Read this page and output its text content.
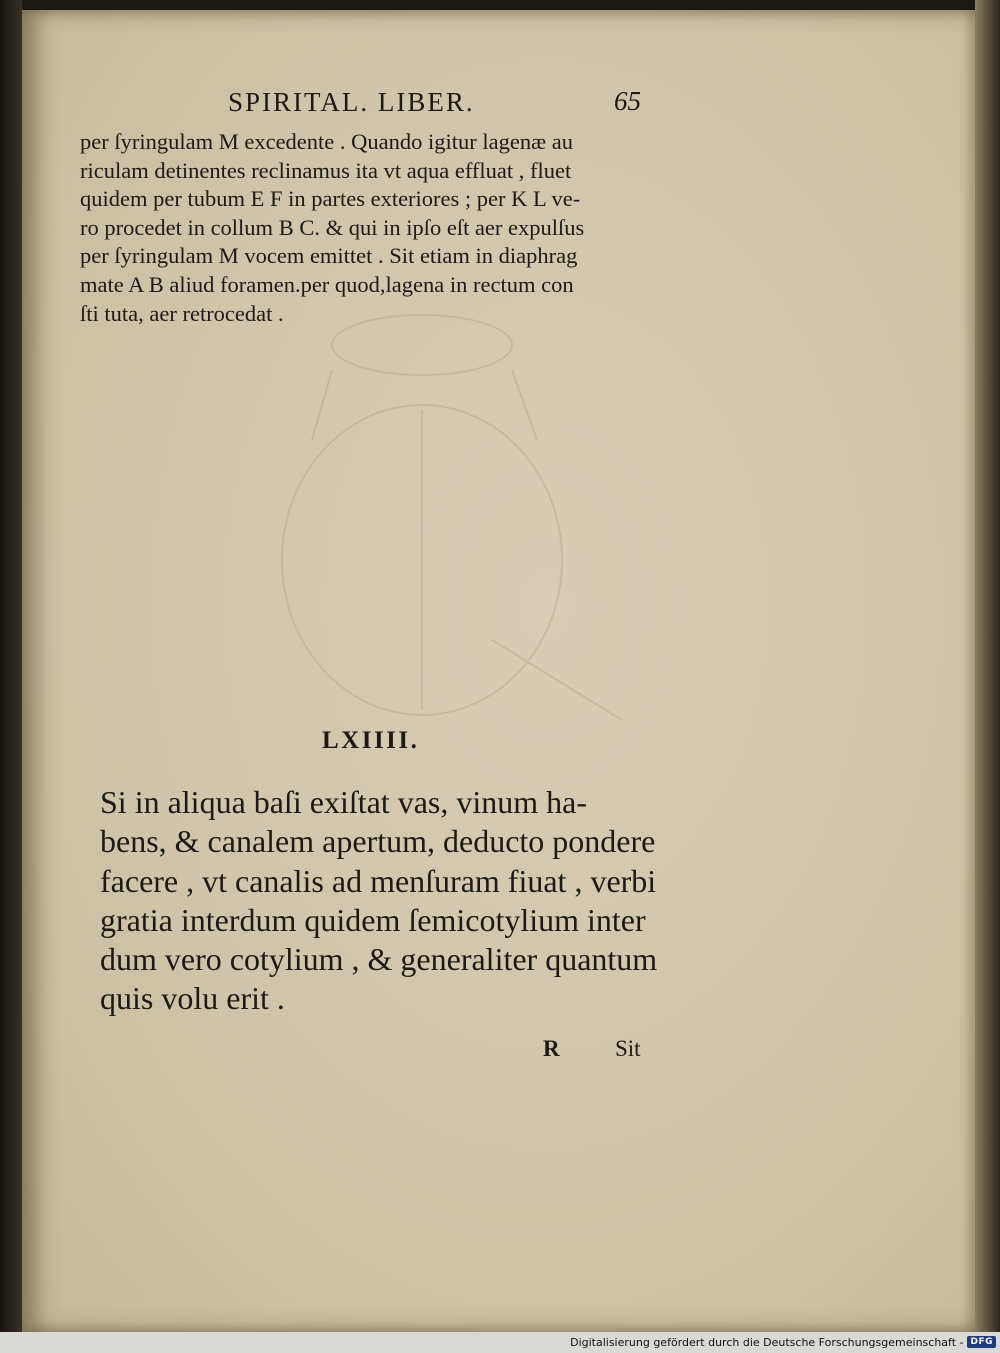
SPIRITAL. LIBER.	65
per ſyringulam M excedente . Quando igitur lagenæ au
riculam detinentes reclinamus ita vt aqua effluat , fluet
quidem per tubum E F in partes exteriores ; per K L ve-
ro procedet in collum B C. & qui in ipſo eſt aer expulſus
per ſyringulam M vocem emittet . Sit etiam in diaphrag
mate A B aliud foramen.per quod,lagena in rectum con
ſti tuta, aer retrocedat .
LXIIII.
Si in aliqua baſi exiſtat vas, vinum ha-
bens, & canalem apertum, deducto pondere
facere , vt canalis ad menſuram fiuat , verbi
gratia interdum quidem ſemicotylium inter
dum vero cotylium , & generaliter quantum
quis volu erit .
R Sit
Digitalisierung gefördert durch die Deutsche Forschungsgemeinschaft - DFG
